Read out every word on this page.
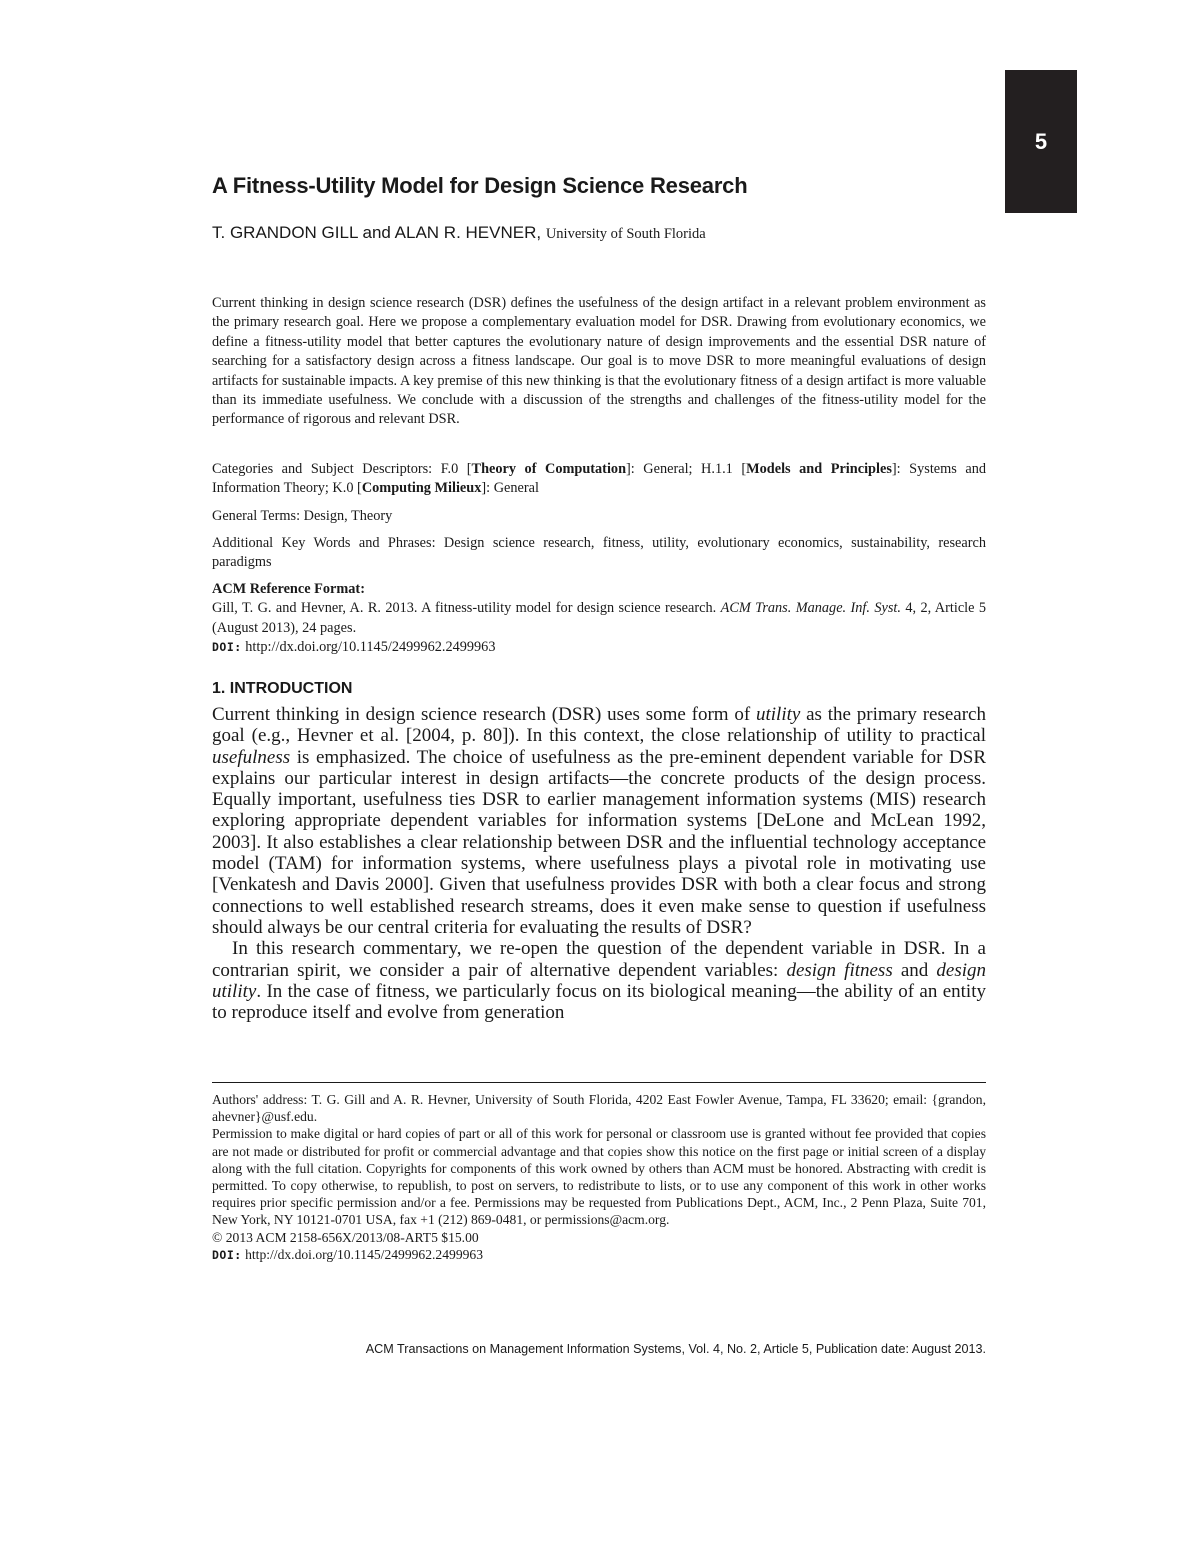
5
A Fitness-Utility Model for Design Science Research
T. GRANDON GILL and ALAN R. HEVNER, University of South Florida

Current thinking in design science research (DSR) defines the usefulness of the design artifact in a relevant problem environment as the primary research goal. Here we propose a complementary evaluation model for DSR. Drawing from evolutionary economics, we define a fitness-utility model that better captures the evolutionary nature of design improvements and the essential DSR nature of searching for a satisfactory design across a fitness landscape. Our goal is to move DSR to more meaningful evaluations of design artifacts for sustainable impacts. A key premise of this new thinking is that the evolutionary fitness of a design artifact is more valuable than its immediate usefulness. We conclude with a discussion of the strengths and challenges of the fitness-utility model for the performance of rigorous and relevant DSR.

Categories and Subject Descriptors: F.0 [Theory of Computation]: General; H.1.1 [Models and Principles]: Systems and Information Theory; K.0 [Computing Milieux]: General

General Terms: Design, Theory

Additional Key Words and Phrases: Design science research, fitness, utility, evolutionary economics, sustainability, research paradigms

ACM Reference Format:

Gill, T. G. and Hevner, A. R. 2013. A fitness-utility model for design science research. ACM Trans. Manage. Inf. Syst. 4, 2, Article 5 (August 2013), 24 pages.

DOI: http://dx.doi.org/10.1145/2499962.2499963

1. INTRODUCTION

Current thinking in design science research (DSR) uses some form of utility as the primary research goal (e.g., Hevner et al. [2004, p. 80]). In this context, the close relationship of utility to practical usefulness is emphasized. The choice of usefulness as the pre-eminent dependent variable for DSR explains our particular interest in design artifacts—the concrete products of the design process. Equally important, usefulness ties DSR to earlier management information systems (MIS) research exploring appropriate dependent variables for information systems [DeLone and McLean 1992, 2003]. It also establishes a clear relationship between DSR and the influential technology acceptance model (TAM) for information systems, where usefulness plays a pivotal role in motivating use [Venkatesh and Davis 2000]. Given that usefulness provides DSR with both a clear focus and strong connections to well established research streams, does it even make sense to question if usefulness should always be our central criteria for evaluating the results of DSR?

In this research commentary, we re-open the question of the dependent variable in DSR. In a contrarian spirit, we consider a pair of alternative dependent variables: design fitness and design utility. In the case of fitness, we particularly focus on its biological meaning—the ability of an entity to reproduce itself and evolve from generation

Authors' address: T. G. Gill and A. R. Hevner, University of South Florida, 4202 East Fowler Avenue, Tampa, FL 33620; email: {grandon, ahevner}@usf.edu.

Permission to make digital or hard copies of part or all of this work for personal or classroom use is granted without fee provided that copies are not made or distributed for profit or commercial advantage and that copies show this notice on the first page or initial screen of a display along with the full citation. Copyrights for components of this work owned by others than ACM must be honored. Abstracting with credit is permitted. To copy otherwise, to republish, to post on servers, to redistribute to lists, or to use any component of this work in other works requires prior specific permission and/or a fee. Permissions may be requested from Publications Dept., ACM, Inc., 2 Penn Plaza, Suite 701, New York, NY 10121-0701 USA, fax +1 (212) 869-0481, or permissions@acm.org.

© 2013 ACM 2158-656X/2013/08-ART5 $15.00

DOI: http://dx.doi.org/10.1145/2499962.2499963

ACM Transactions on Management Information Systems, Vol. 4, No. 2, Article 5, Publication date: August 2013.
